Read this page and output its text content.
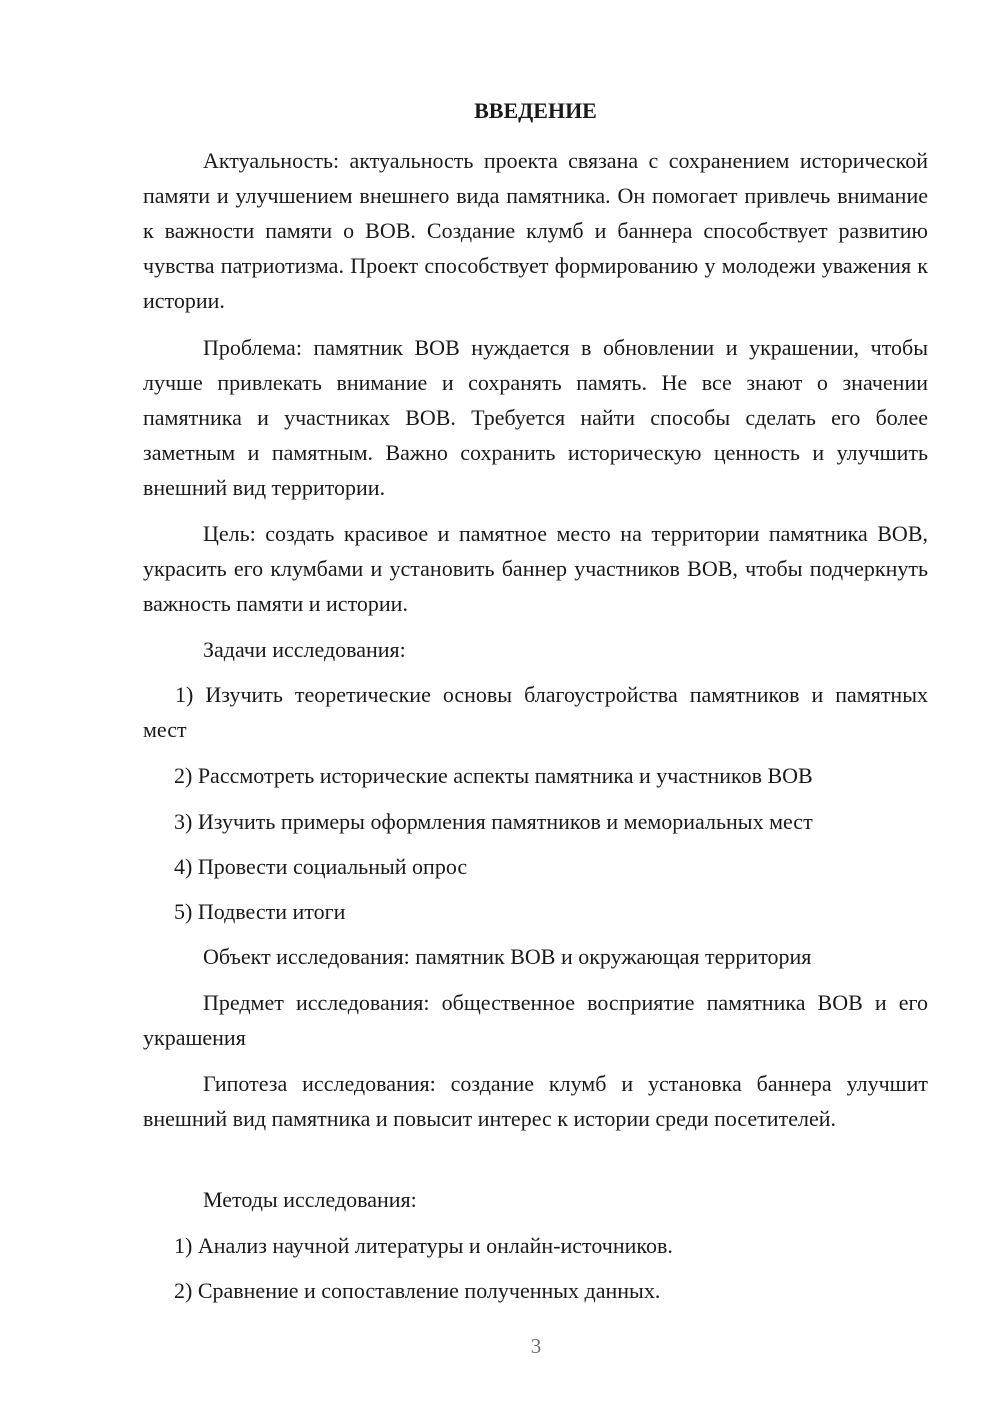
ВВЕДЕНИЕ

Актуальность: актуальность проекта связана с сохранением исторической памяти и улучшением внешнего вида памятника. Он помогает привлечь внимание к важности памяти о ВОВ. Создание клумб и баннера способствует развитию чувства патриотизма. Проект способствует формированию у молодежи уважения к истории.

Проблема: памятник ВОВ нуждается в обновлении и украшении, чтобы лучше привлекать внимание и сохранять память. Не все знают о значении памятника и участниках ВОВ. Требуется найти способы сделать его более заметным и памятным. Важно сохранить историческую ценность и улучшить внешний вид территории.

Цель: создать красивое и памятное место на территории памятника ВОВ, украсить его клумбами и установить баннер участников ВОВ, чтобы подчеркнуть важность памяти и истории.

Задачи исследования:

1) Изучить теоретические основы благоустройства памятников и памятных мест

2) Рассмотреть исторические аспекты памятника и участников ВОВ

3) Изучить примеры оформления памятников и мемориальных мест

4) Провести социальный опрос

5) Подвести итоги

Объект исследования: памятник ВОВ и окружающая территория

Предмет исследования: общественное восприятие памятника ВОВ и его украшения

Гипотеза исследования: создание клумб и установка баннера улучшит внешний вид памятника и повысит интерес к истории среди посетителей.

Методы исследования:

1) Анализ научной литературы и онлайн-источников.

2) Сравнение и сопоставление полученных данных.

3
